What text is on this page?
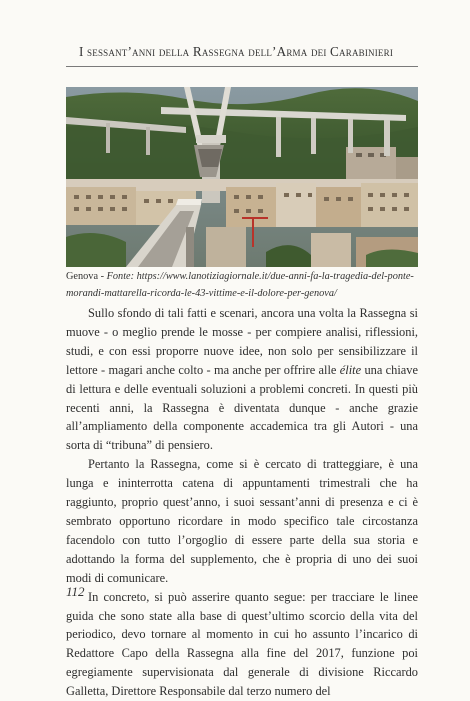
I sessant’anni della Rassegna dell’Arma dei Carabinieri
Genova - Fonte: https://www.lanotiziagiornale.it/due-anni-fa-la-tragedia-del-ponte-morandi-mattarella-ricorda-le-43-vittime-e-il-dolore-per-genova/

Sullo sfondo di tali fatti e scenari, ancora una volta la Rassegna si muove - o meglio prende le mosse - per compiere analisi, riflessioni, studi, e con essi proporre nuove idee, non solo per sensibilizzare il lettore - magari anche colto - ma anche per offrire alle élite una chiave di lettura e delle eventuali soluzioni a problemi concreti. In questi più recenti anni, la Rassegna è diventata dunque - anche grazie all’ampliamento della componente accademica tra gli Autori - una sorta di “tribuna” di pensiero.

Pertanto la Rassegna, come si è cercato di tratteggiare, è una lunga e ininterrotta catena di appuntamenti trimestrali che ha raggiunto, proprio quest’anno, i suoi sessant’anni di presenza e ci è sembrato opportuno ricordare in modo specifico tale circostanza facendolo con tutto l’orgoglio di essere parte della sua storia e adottando la forma del supplemento, che è propria di uno dei suoi modi di comunicare.

In concreto, si può asserire quanto segue: per tracciare le linee guida che sono state alla base di quest’ultimo scorcio della vita del periodico, devo tornare al momento in cui ho assunto l’incarico di Redattore Capo della Rassegna alla fine del 2017, funzione poi egregiamente supervisionata dal generale di divisione Riccardo Galletta, Direttore Responsabile dal terzo numero del

112
